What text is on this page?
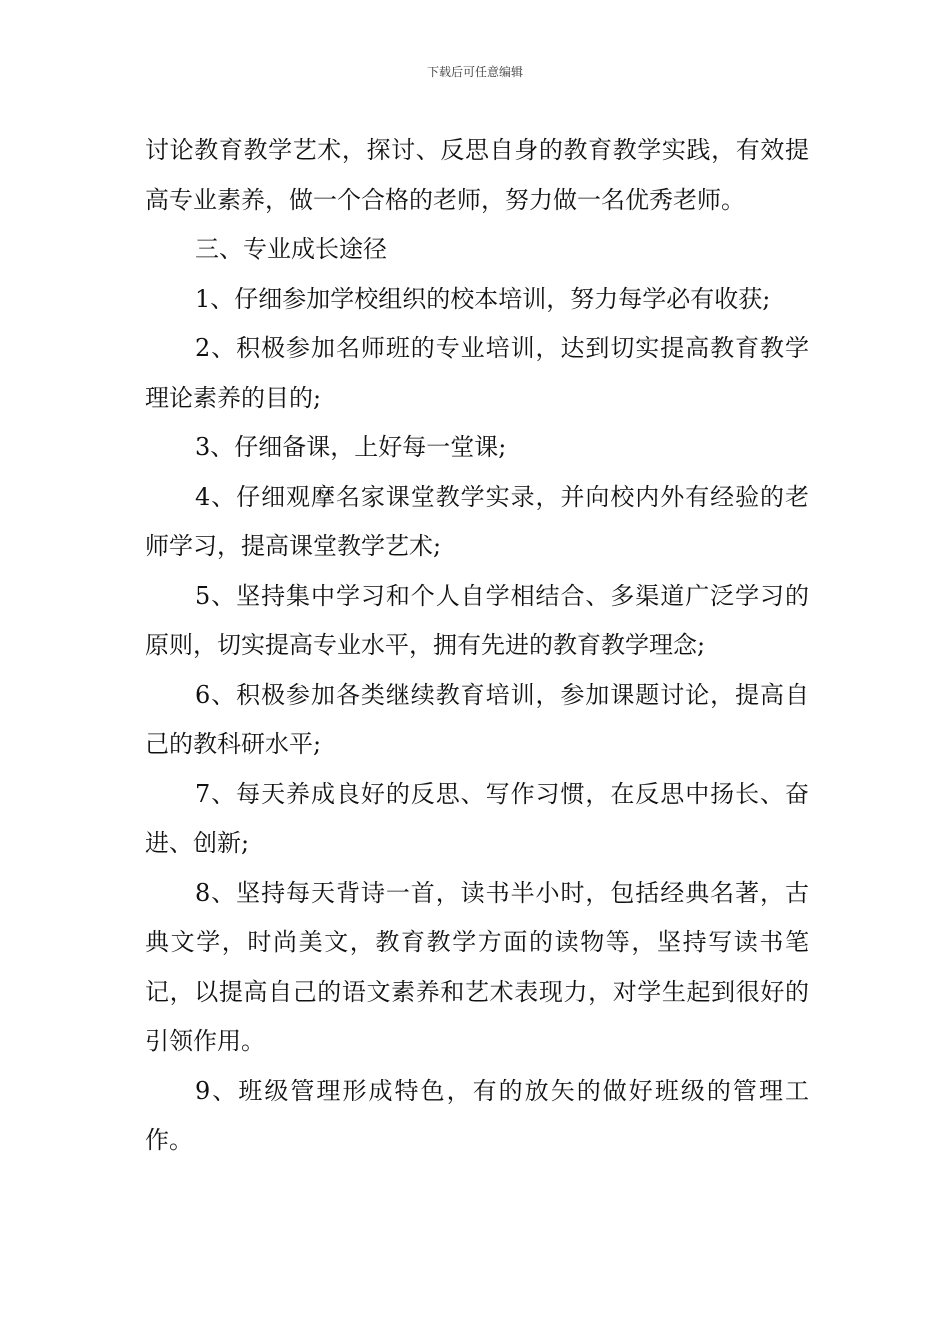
下载后可任意编辑

讨论教育教学艺术，探讨、反思自身的教育教学实践，有效提高专业素养，做一个合格的老师，努力做一名优秀老师。

三、专业成长途径

1、仔细参加学校组织的校本培训，努力每学必有收获;

2、积极参加名师班的专业培训，达到切实提高教育教学理论素养的目的;

3、仔细备课，上好每一堂课;

4、仔细观摩名家课堂教学实录，并向校内外有经验的老师学习，提高课堂教学艺术;

5、坚持集中学习和个人自学相结合、多渠道广泛学习的原则，切实提高专业水平，拥有先进的教育教学理念;

6、积极参加各类继续教育培训，参加课题讨论，提高自己的教科研水平;

7、每天养成良好的反思、写作习惯，在反思中扬长、奋进、创新;

8、坚持每天背诗一首，读书半小时，包括经典名著，古典文学，时尚美文，教育教学方面的读物等，坚持写读书笔记，以提高自己的语文素养和艺术表现力，对学生起到很好的引领作用。

9、班级管理形成特色，有的放矢的做好班级的管理工作。
